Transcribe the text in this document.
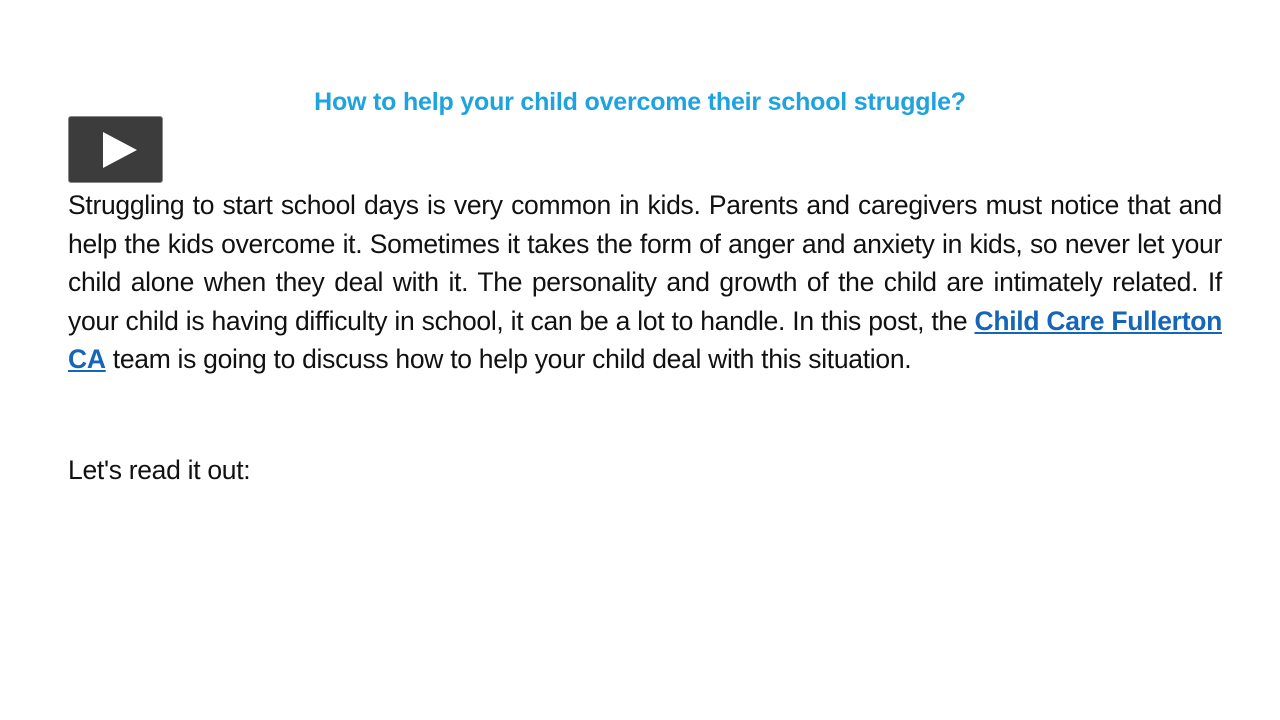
How to help your child overcome their school struggle?
Struggling to start school days is very common in kids. Parents and caregivers must notice that and help the kids overcome it. Sometimes it takes the form of anger and anxiety in kids, so never let your child alone when they deal with it. The personality and growth of the child are intimately related. If your child is having difficulty in school, it can be a lot to handle. In this post, the Child Care Fullerton CA team is going to discuss how to help your child deal with this situation.
Let's read it out:
